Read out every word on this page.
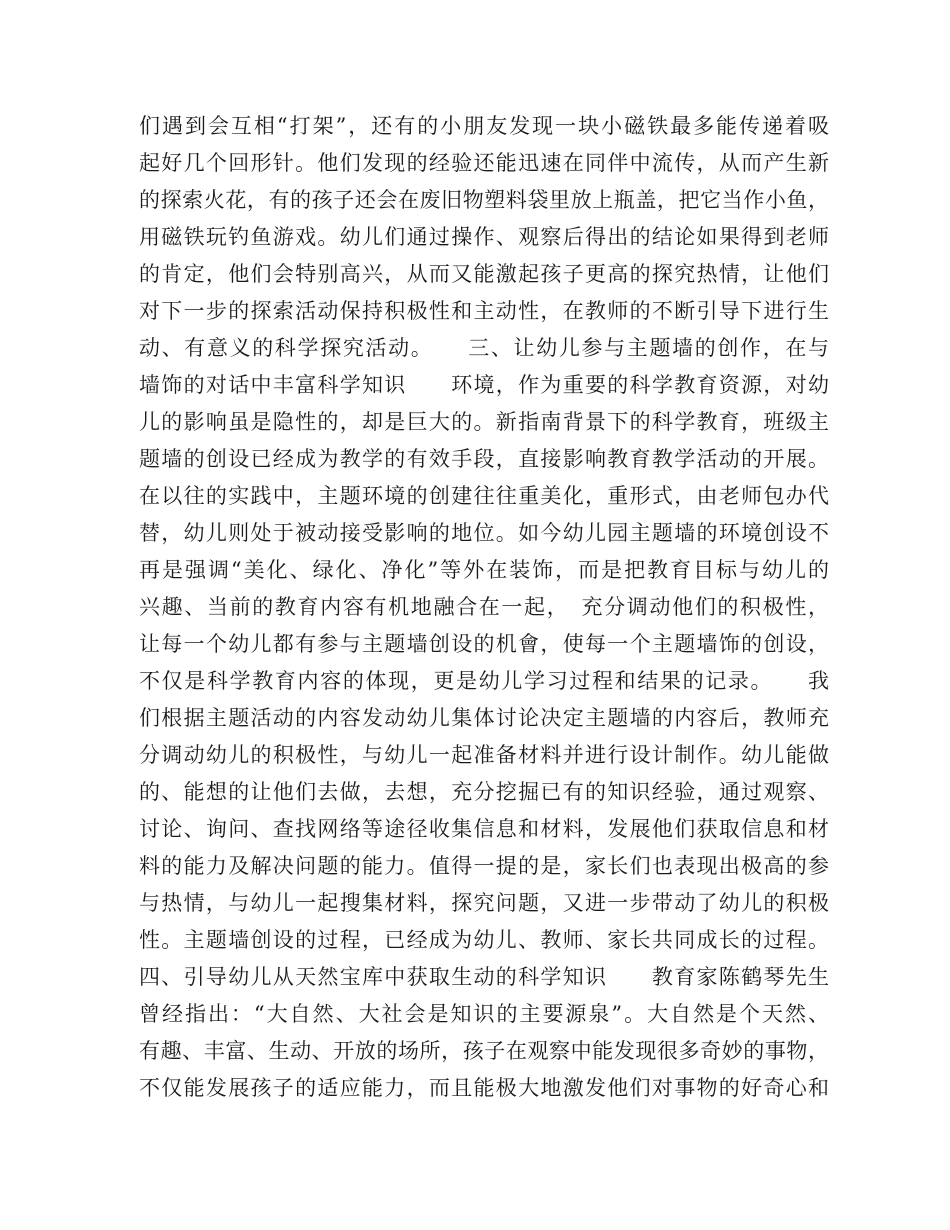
们遇到会互相“打架”，还有的小朋友发现一块小磁铁最多能传递着吸
起好几个回形针。他们发现的经验还能迅速在同伴中流传，从而产生新
的探索火花，有的孩子还会在废旧物塑料袋里放上瓶盖，把它当作小鱼，
用磁铁玩钓鱼游戏。幼儿们通过操作、观察后得出的结论如果得到老师
的肯定，他们会特别高兴，从而又能激起孩子更高的探究热情，让他们
对下一步的探索活动保持积极性和主动性，在教师的不断引导下进行生
动、有意义的科学探究活动。　　三、让幼儿参与主题墙的创作，在与
墙饰的对话中丰富科学知识　　环境，作为重要的科学教育资源，对幼
儿的影响虽是隐性的，却是巨大的。新指南背景下的科学教育，班级主
题墙的创设已经成为教学的有效手段，直接影响教育教学活动的开展。
在以往的实践中，主题环境的创建往往重美化，重形式，由老师包办代
替，幼儿则处于被动接受影响的地位。如今幼儿园主题墙的环境创设不
再是强调“美化、绿化、净化”等外在装饰，而是把教育目标与幼儿的
兴趣、当前的教育内容有机地融合在一起，　充分调动他们的积极性，
让每一个幼儿都有参与主题墙创设的机會，使每一个主题墙饰的创设，
不仅是科学教育内容的体现，更是幼儿学习过程和结果的记录。　　我
们根据主题活动的内容发动幼儿集体讨论决定主题墙的内容后，教师充
分调动幼儿的积极性，与幼儿一起准备材料并进行设计制作。幼儿能做
的、能想的让他们去做，去想，充分挖掘已有的知识经验，通过观察、
讨论、询问、查找网络等途径收集信息和材料，发展他们获取信息和材
料的能力及解决问题的能力。值得一提的是，家长们也表现出极高的参
与热情，与幼儿一起搜集材料，探究问题，又进一步带动了幼儿的积极
性。主题墙创设的过程，已经成为幼儿、教师、家长共同成长的过程。
四、引导幼儿从天然宝库中获取生动的科学知识　　教育家陈鹤琴先生
曾经指出：“大自然、大社会是知识的主要源泉”。大自然是个天然、
有趣、丰富、生动、开放的场所，孩子在观察中能发现很多奇妙的事物，
不仅能发展孩子的适应能力，而且能极大地激发他们对事物的好奇心和
